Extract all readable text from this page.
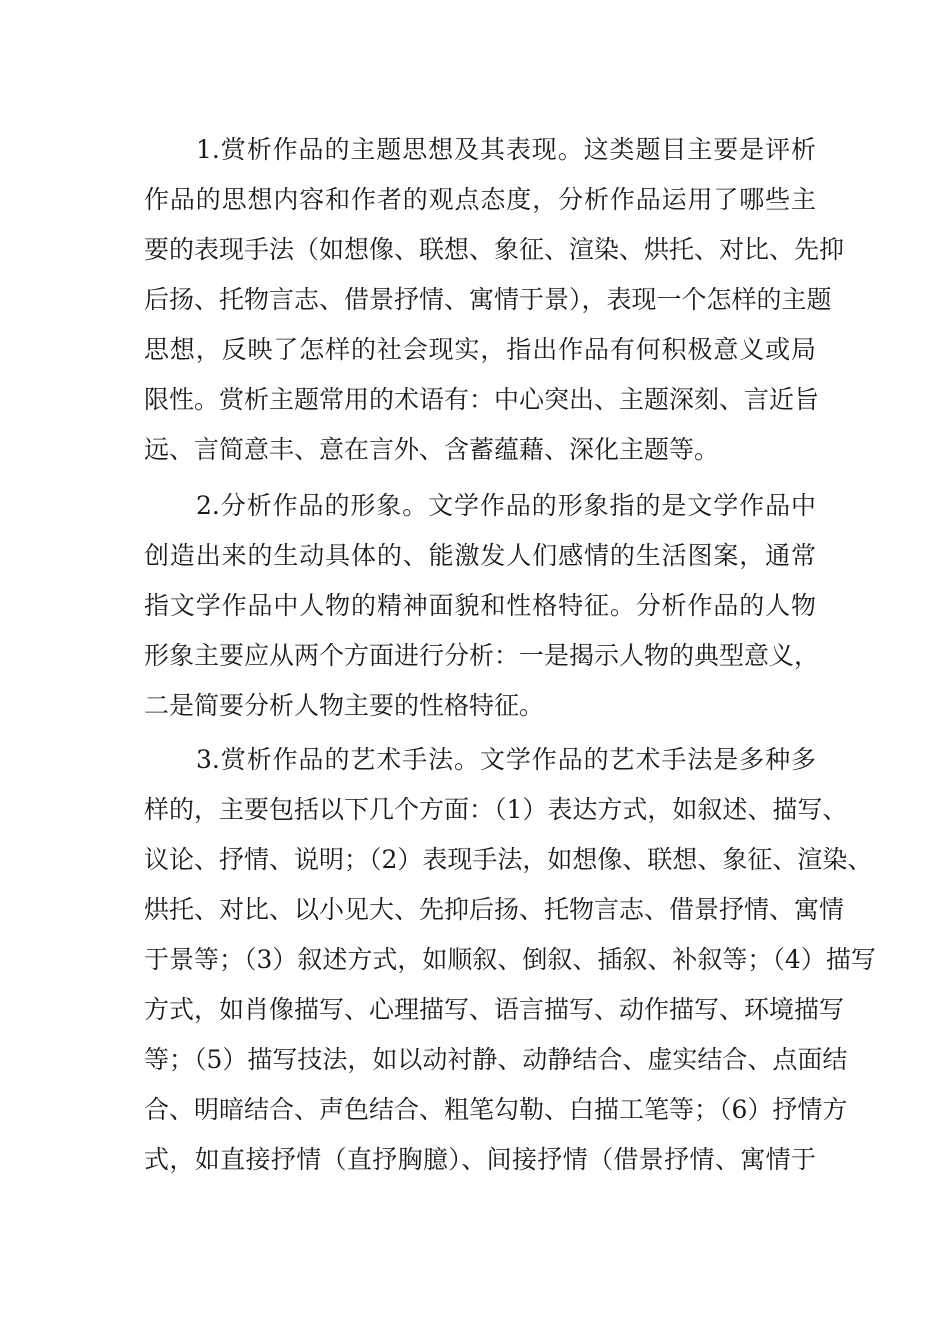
1.赏析作品的主题思想及其表现。这类题目主要是评析
作品的思想内容和作者的观点态度，分析作品运用了哪些主
要的表现手法（如想像、联想、象征、渲染、烘托、对比、先抑
后扬、托物言志、借景抒情、寓情于景），表现一个怎样的主题
思想，反映了怎样的社会现实，指出作品有何积极意义或局
限性。赏析主题常用的术语有：中心突出、主题深刻、言近旨
远、言简意丰、意在言外、含蓄蕴藉、深化主题等。
2.分析作品的形象。文学作品的形象指的是文学作品中
创造出来的生动具体的、能激发人们感情的生活图案，通常
指文学作品中人物的精神面貌和性格特征。分析作品的人物
形象主要应从两个方面进行分析：一是揭示人物的典型意义，
二是简要分析人物主要的性格特征。
3.赏析作品的艺术手法。文学作品的艺术手法是多种多
样的，主要包括以下几个方面：（1）表达方式，如叙述、描写、
议论、抒情、说明；（2）表现手法，如想像、联想、象征、渲染、
烘托、对比、以小见大、先抑后扬、托物言志、借景抒情、寓情
于景等；（3）叙述方式，如顺叙、倒叙、插叙、补叙等；（4）描写
方式，如肖像描写、心理描写、语言描写、动作描写、环境描写
等；（5）描写技法，如以动衬静、动静结合、虚实结合、点面结
合、明暗结合、声色结合、粗笔勾勒、白描工笔等；（6）抒情方
式，如直接抒情（直抒胸臆）、间接抒情（借景抒情、寓情于
